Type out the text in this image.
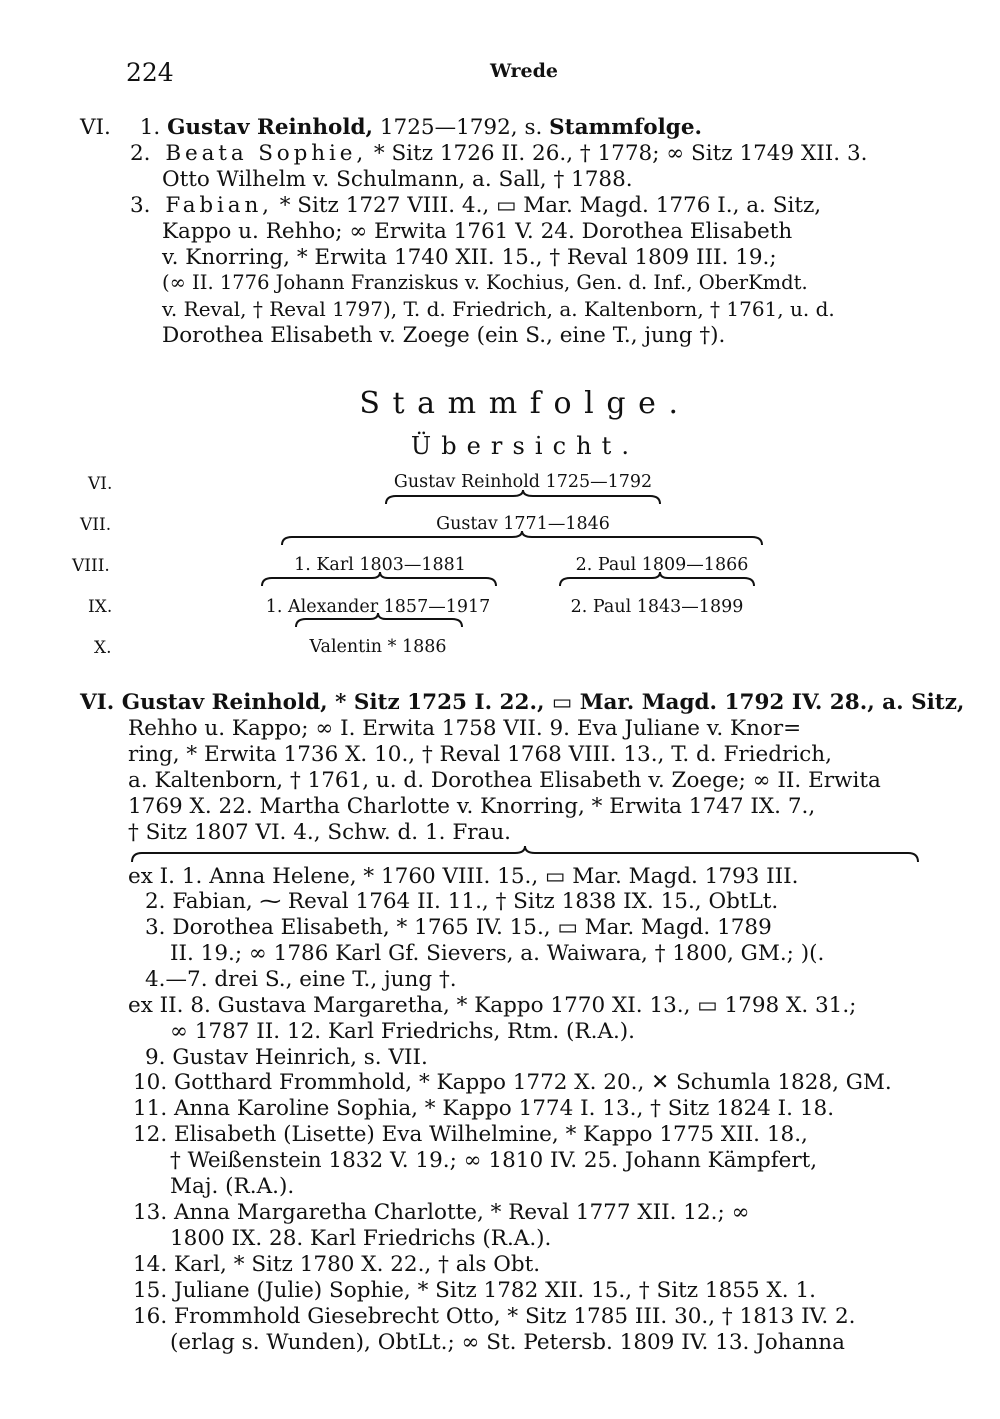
224	Wrede
VI. 1. Gustav Reinhold, 1725—1792, s. Stammfolge.
2. Beata Sophie, * Sitz 1726 II. 26., † 1778; ∞ Sitz 1749 XII. 3.
Otto Wilhelm v. Schulmann, a. Sall, † 1788.
3. Fabian, * Sitz 1727 VIII. 4., ▭ Mar. Magd. 1776 I., a. Sitz,
Kappo u. Rehho; ∞ Erwita 1761 V. 24. Dorothea Elisabeth
v. Knorring, * Erwita 1740 XII. 15., † Reval 1809 III. 19.;
(∞ II. 1776 Johann Franziskus v. Kochius, Gen. d. Inf., OberKmdt.
v. Reval, † Reval 1797), T. d. Friedrich, a. Kaltenborn, † 1761, u. d.
Dorothea Elisabeth v. Zoege (ein S., eine T., jung †).
Stammfolge.
Übersicht.
VI.
VII.
VIII.
IX.
X.
Gustav Reinhold 1725—1792
Gustav 1771—1846
1. Karl 1803—1881	2. Paul 1809—1866
1. Alexander 1857—1917	2. Paul 1843—1899
Valentin * 1886
VI. Gustav Reinhold, * Sitz 1725 I. 22., ▭ Mar. Magd. 1792 IV. 28., a. Sitz,
Rehho u. Kappo; ∞ I. Erwita 1758 VII. 9. Eva Juliane v. Knor=
ring, * Erwita 1736 X. 10., † Reval 1768 VIII. 13., T. d. Friedrich,
a. Kaltenborn, † 1761, u. d. Dorothea Elisabeth v. Zoege; ∞ II. Erwita
1769 X. 22. Martha Charlotte v. Knorring, * Erwita 1747 IX. 7.,
† Sitz 1807 VI. 4., Schw. d. 1. Frau.
ex I. 1. Anna Helene, * 1760 VIII. 15., ▭ Mar. Magd. 1793 III.
2. Fabian, ⁓ Reval 1764 II. 11., † Sitz 1838 IX. 15., ObtLt.
3. Dorothea Elisabeth, * 1765 IV. 15., ▭ Mar. Magd. 1789
II. 19.; ∞ 1786 Karl Gf. Sievers, a. Waiwara, † 1800, GM.; )(.
4.—7. drei S., eine T., jung †.
ex II. 8. Gustava Margaretha, * Kappo 1770 XI. 13., ▭ 1798 X. 31.;
∞ 1787 II. 12. Karl Friedrichs, Rtm. (R.A.).
9. Gustav Heinrich, s. VII.
10. Gotthard Frommhold, * Kappo 1772 X. 20., ✕ Schumla 1828, GM.
11. Anna Karoline Sophia, * Kappo 1774 I. 13., † Sitz 1824 I. 18.
12. Elisabeth (Lisette) Eva Wilhelmine, * Kappo 1775 XII. 18.,
† Weißenstein 1832 V. 19.; ∞ 1810 IV. 25. Johann Kämpfert,
Maj. (R.A.).
13. Anna Margaretha Charlotte, * Reval 1777 XII. 12.; ∞
1800 IX. 28. Karl Friedrichs (R.A.).
14. Karl, * Sitz 1780 X. 22., † als Obt.
15. Juliane (Julie) Sophie, * Sitz 1782 XII. 15., † Sitz 1855 X. 1.
16. Frommhold Giesebrecht Otto, * Sitz 1785 III. 30., † 1813 IV. 2.
(erlag s. Wunden), ObtLt.; ∞ St. Petersb. 1809 IV. 13. Johanna
